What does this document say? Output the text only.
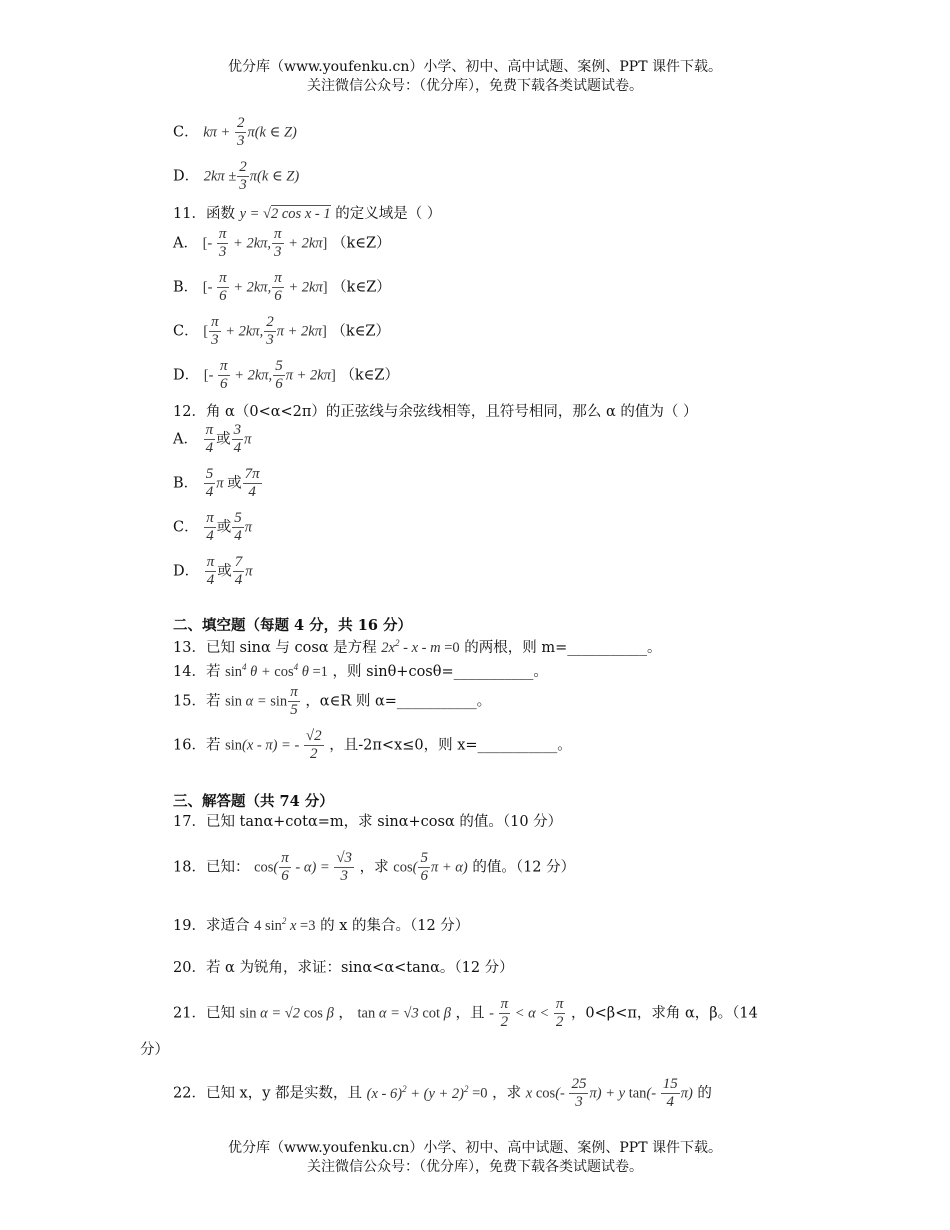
优分库（www.youfenku.cn）小学、初中、高中试题、案例、PPT 课件下载。
关注微信公众号：（优分库），免费下载各类试题试卷。
C． $k\pi + \frac{2}{3} \pi(k$ ∈ Z)
D． $2k\pi \pm \frac{2}{3} \pi(k$ ∈ Z)
11．函数 y = √2 cos x - 1 的定义域是（ ）
A． [- $\frac{\pi}{3} + 2k\pi$, $\frac{\pi}{3} + 2k\pi$] （k∈Z）
B． [- $\frac{\pi}{6} + 2k\pi$, $\frac{\pi}{6} + 2k\pi$] （k∈Z）
C． [ $\frac{\pi}{3} + 2k\pi$, $\frac{2}{3}$ π + 2kπ] （k∈Z）
D． [- $\frac{\pi}{6} + 2k\pi$, $\frac{5}{6}$ π + 2kπ] （k∈Z）
12．角 α（0<α<2π）的正弦线与余弦线相等，且符号相同，那么 α 的值为（ ）
A． $\frac{\pi}{4}$ 或 $\frac{3}{4}$ π
B． $\frac{5}{4}$ π 或 $\frac{7\pi}{4}$
C． $\frac{\pi}{4}$ 或 $\frac{5}{4}$ π
D． $\frac{\pi}{4}$ 或 $\frac{7}{4}$ π
二、填空题（每题 4 分，共 16 分）
13．已知 sinα 与 cosα 是方程 $2x^2 - x - m =0$ 的两根，则 m=___________。
14．若 $\sin^4 \theta + \cos^4 \theta =1$ ，则 sinθ+cosθ=___________。
15．若 $\sin \alpha = \sin \frac{\pi}{5}$ ，α∈R 则 α=___________。
16．若 sin(x - π) = - $\frac{√2}{2}$ ，且-2π<x≤0，则 x=___________。
三、解答题（共 74 分）
17．已知 tanα+cotα=m，求 sinα+cosα 的值。（10 分）
18．已知： $\cos( \frac{\pi}{6} - \alpha) = \frac{√3}{3}$ ，求 $\cos( \frac{5}{6}$ π + α) 的值。（12 分）
19．求适合 4 $\sin^2 x =3$ 的 x 的集合。（12 分）
20．若 α 为锐角，求证：sinα<α<tanα。（12 分）
21．已知 sin α = √2 cos β ， tan α = √3 cot β ，且 - $\frac{\pi}{2} < \alpha < \frac{\pi}{2}$ ，0<β<π，求角 α，β。（14
分）
22．已知 x，y 都是实数，且 $(x - 6)^2 + (y + 2)^2 =0$ ，求 x $\cos(- \frac{25}{3} \pi) + y$ $\tan(- \frac{15}{4} \pi)$ 的
优分库（www.youfenku.cn）小学、初中、高中试题、案例、PPT 课件下载。
关注微信公众号：（优分库），免费下载各类试题试卷。
